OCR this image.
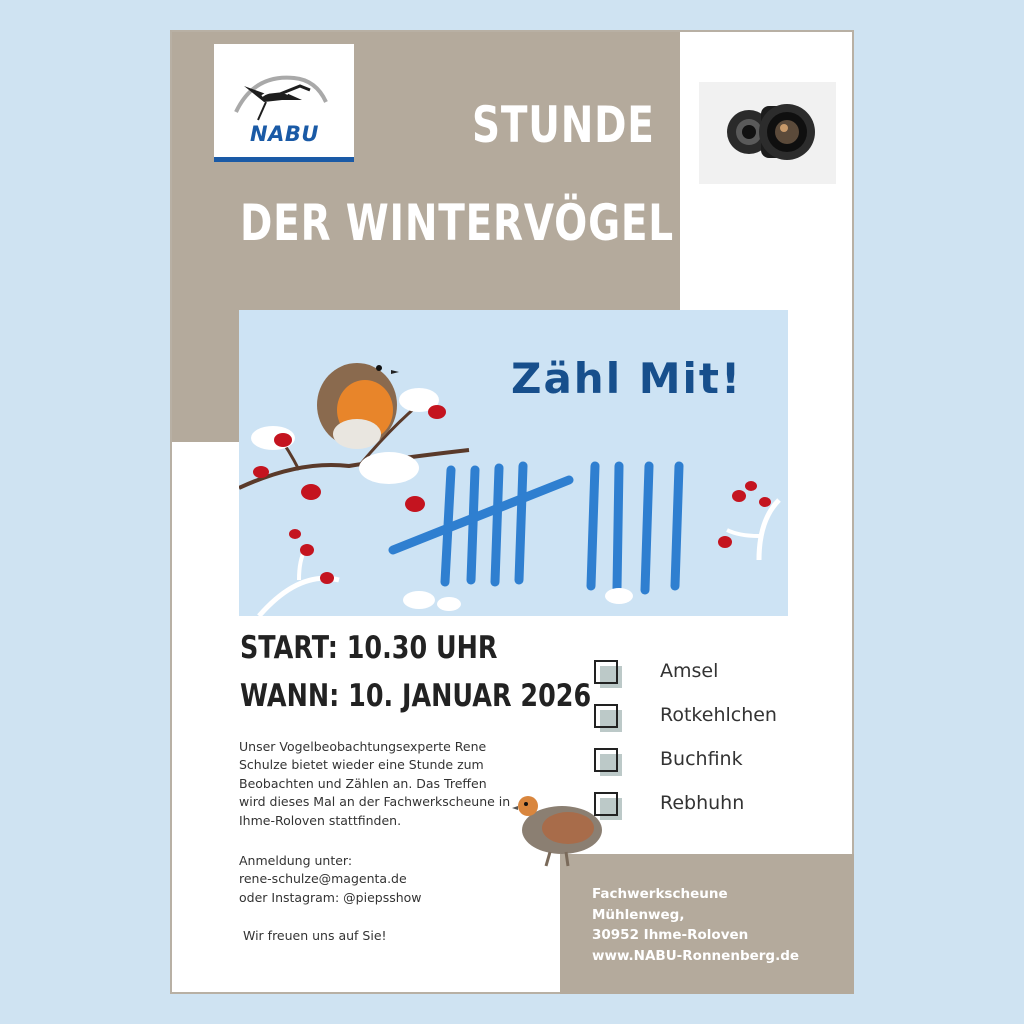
NABU	STUNDE
DER WINTERVÖGEL
Zähl Mit!
START: 10.30 UHR
WANN: 10. JANUAR 2026
Unser Vogelbeobachtungsexperte Rene Schulze bietet wieder eine Stunde zum Beobachten und Zählen an. Das Treffen wird dieses Mal an der Fachwerkscheune in Ihme-Roloven stattfinden.
Anmeldung unter:
rene-schulze@magenta.de
oder Instagram: @piepsshow
Wir freuen uns auf Sie!
Amsel
Rotkehlchen
Buchfink
Rebhuhn
Fachwerkscheune
Mühlenweg,
30952 Ihme-Roloven
www.NABU-Ronnenberg.de
